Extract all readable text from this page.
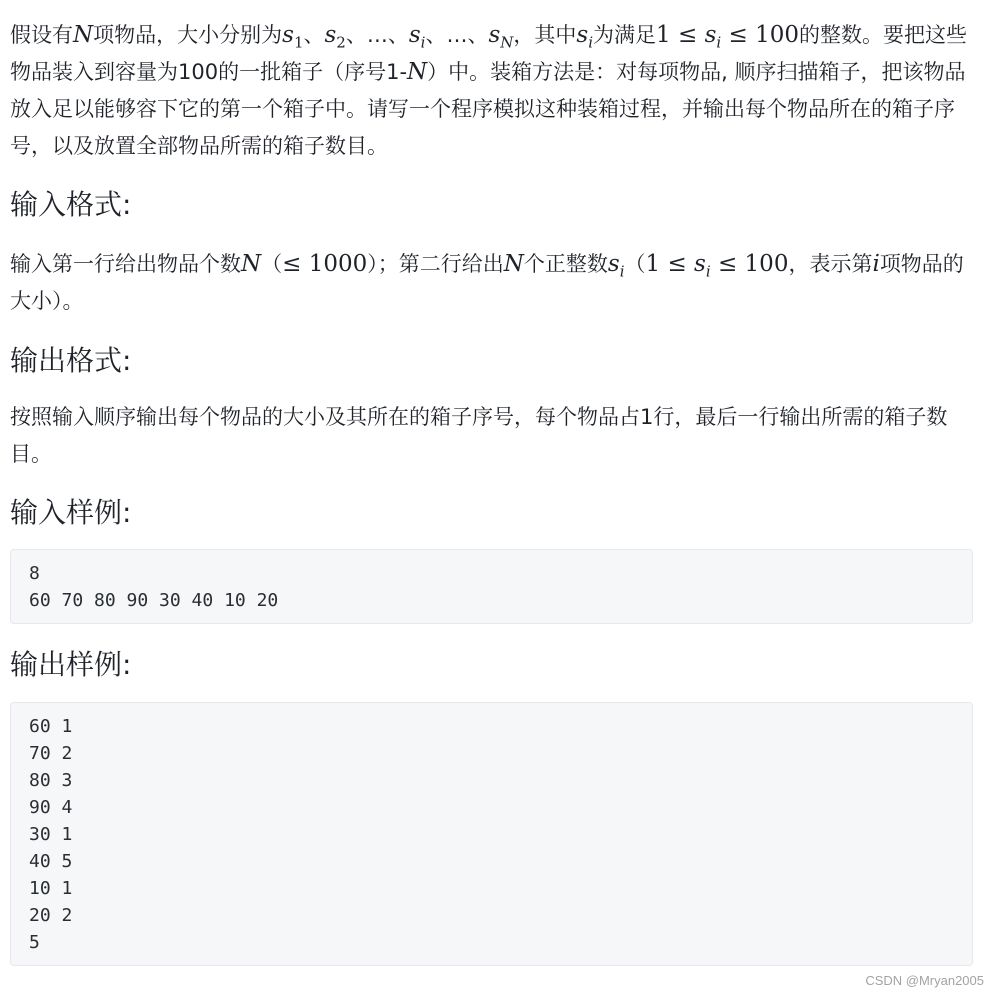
假设有N项物品，大小分别为$s_1$、$s_2$、…、$s_i$、…、$s_N$，其中$s_i$为满足$1 \le s_i \le 100$的整数。要把这些物品装入到容量为100的一批箱子（序号1-N）中。装箱方法是：对每项物品, 顺序扫描箱子，把该物品放入足以能够容下它的第一个箱子中。请写一个程序模拟这种装箱过程，并输出每个物品所在的箱子序号，以及放置全部物品所需的箱子数目。

输入格式:

输入第一行给出物品个数N（≤ 1000）；第二行给出N个正整数$s_i(1 \le s_i \le 100$，表示第i项物品的大小）。

输出格式:

按照输入顺序输出每个物品的大小及其所在的箱子序号，每个物品占1行，最后一行输出所需的箱子数目。

输入样例:
8
60 70 80 90 30 40 10 20
输出样例:
60 1
70 2
80 3
90 4
30 1
40 5
10 1
20 2
5
CSDN @Mryan2005
